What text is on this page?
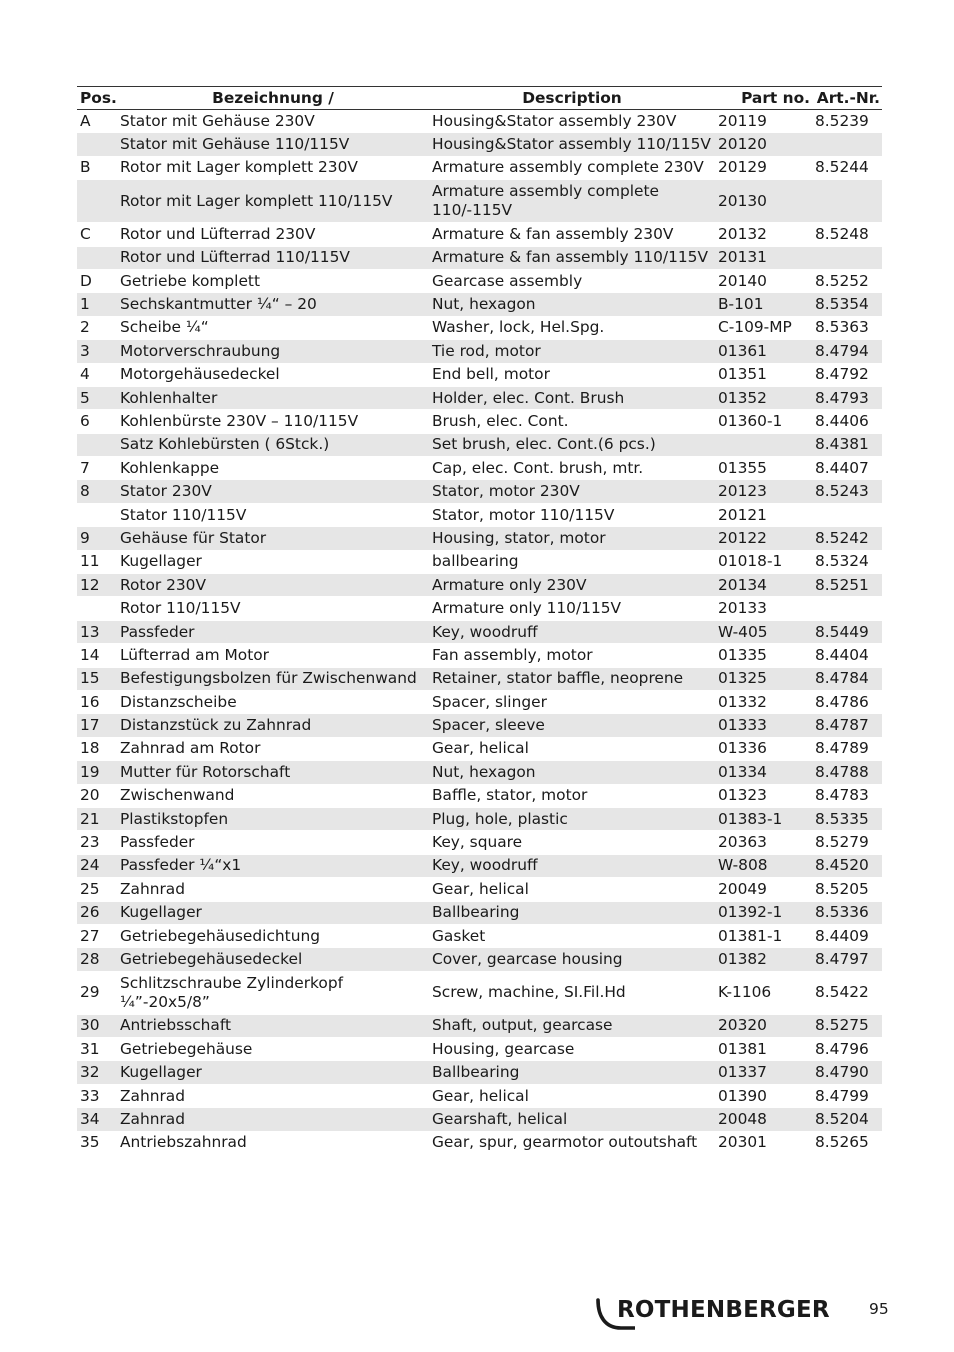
Pos.	Bezeichnung /	Description	Part no.	Art.-Nr.
A	Stator mit Gehäuse 230V	Housing&Stator assembly 230V	20119	8.5239
	Stator mit Gehäuse 110/115V	Housing&Stator assembly 110/115V	20120	
B	Rotor mit Lager komplett 230V	Armature assembly complete 230V	20129	8.5244
	Rotor mit Lager komplett 110/115V	Armature assembly complete 110/-115V	20130	
C	Rotor und Lüfterrad 230V	Armature & fan assembly 230V	20132	8.5248
	Rotor und Lüfterrad 110/115V	Armature & fan assembly 110/115V	20131	
D	Getriebe komplett	Gearcase assembly	20140	8.5252
1	Sechskantmutter ¼“ – 20	Nut, hexagon	B-101	8.5354
2	Scheibe ¼“	Washer, lock, Hel.Spg.	C-109-MP	8.5363
3	Motorverschraubung	Tie rod, motor	01361	8.4794
4	Motorgehäusedeckel	End bell, motor	01351	8.4792
5	Kohlenhalter	Holder, elec. Cont. Brush	01352	8.4793
6	Kohlenbürste 230V – 110/115V	Brush, elec. Cont.	01360-1	8.4406
	Satz Kohlebürsten ( 6Stck.)	Set brush, elec. Cont.(6 pcs.)		8.4381
7	Kohlenkappe	Cap, elec. Cont. brush, mtr.	01355	8.4407
8	Stator 230V	Stator, motor 230V	20123	8.5243
	Stator 110/115V	Stator, motor 110/115V	20121	
9	Gehäuse für Stator	Housing, stator, motor	20122	8.5242
11	Kugellager	ballbearing	01018-1	8.5324
12	Rotor 230V	Armature only 230V	20134	8.5251
	Rotor 110/115V	Armature only 110/115V	20133	
13	Passfeder	Key, woodruff	W-405	8.5449
14	Lüfterrad am Motor	Fan assembly, motor	01335	8.4404
15	Befestigungsbolzen für Zwischenwand	Retainer, stator baffle, neoprene	01325	8.4784
16	Distanzscheibe	Spacer, slinger	01332	8.4786
17	Distanzstück zu Zahnrad	Spacer, sleeve	01333	8.4787
18	Zahnrad am Rotor	Gear, helical	01336	8.4789
19	Mutter für Rotorschaft	Nut, hexagon	01334	8.4788
20	Zwischenwand	Baffle, stator, motor	01323	8.4783
21	Plastikstopfen	Plug, hole, plastic	01383-1	8.5335
23	Passfeder	Key, square	20363	8.5279
24	Passfeder ¼“x1	Key, woodruff	W-808	8.4520
25	Zahnrad	Gear, helical	20049	8.5205
26	Kugellager	Ballbearing	01392-1	8.5336
27	Getriebegehäusedichtung	Gasket	01381-1	8.4409
28	Getriebegehäusedeckel	Cover, gearcase housing	01382	8.4797
29	Schlitzschraube Zylinderkopf ¼”-20x5/8”	Screw, machine, SI.Fil.Hd	K-1106	8.5422
30	Antriebsschaft	Shaft, output, gearcase	20320	8.5275
31	Getriebegehäuse	Housing, gearcase	01381	8.4796
32	Kugellager	Ballbearing	01337	8.4790
33	Zahnrad	Gear, helical	01390	8.4799
34	Zahnrad	Gearshaft, helical	20048	8.5204
35	Antriebszahnrad	Gear, spur, gearmotor outoutshaft	20301	8.5265
ROTHENBERGER	95
